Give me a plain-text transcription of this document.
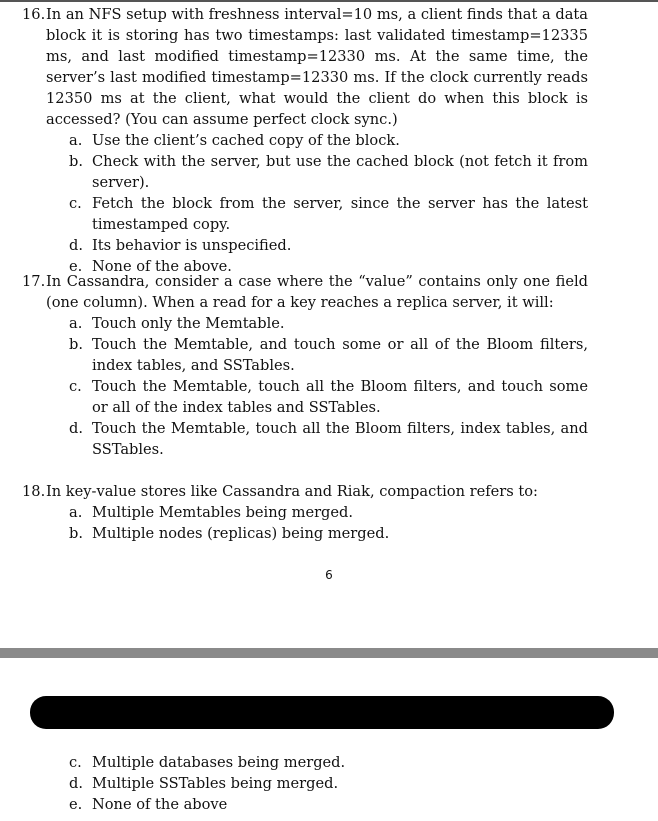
16. In an NFS setup with freshness interval=10 ms, a client finds that a data block it is storing has two timestamps: last validated timestamp=12335 ms, and last modified timestamp=12330 ms. At the same time, the server’s last modified timestamp=12330 ms. If the clock currently reads 12350 ms at the client, what would the client do when this block is accessed? (You can assume perfect clock sync.)
a. Use the client’s cached copy of the block.
b. Check with the server, but use the cached block (not fetch it from server).
c. Fetch the block from the server, since the server has the latest timestamped copy.
d. Its behavior is unspecified.
e. None of the above.
17. In Cassandra, consider a case where the “value” contains only one field (one column). When a read for a key reaches a replica server, it will:
a. Touch only the Memtable.
b. Touch the Memtable, and touch some or all of the Bloom filters, index tables, and SSTables.
c. Touch the Memtable, touch all the Bloom filters, and touch some or all of the index tables and SSTables.
d. Touch the Memtable, touch all the Bloom filters, index tables, and SSTables.
18. In key-value stores like Cassandra and Riak, compaction refers to:
a. Multiple Memtables being merged.
b. Multiple nodes (replicas) being merged.
6
c. Multiple databases being merged.
d. Multiple SSTables being merged.
e. None of the above
